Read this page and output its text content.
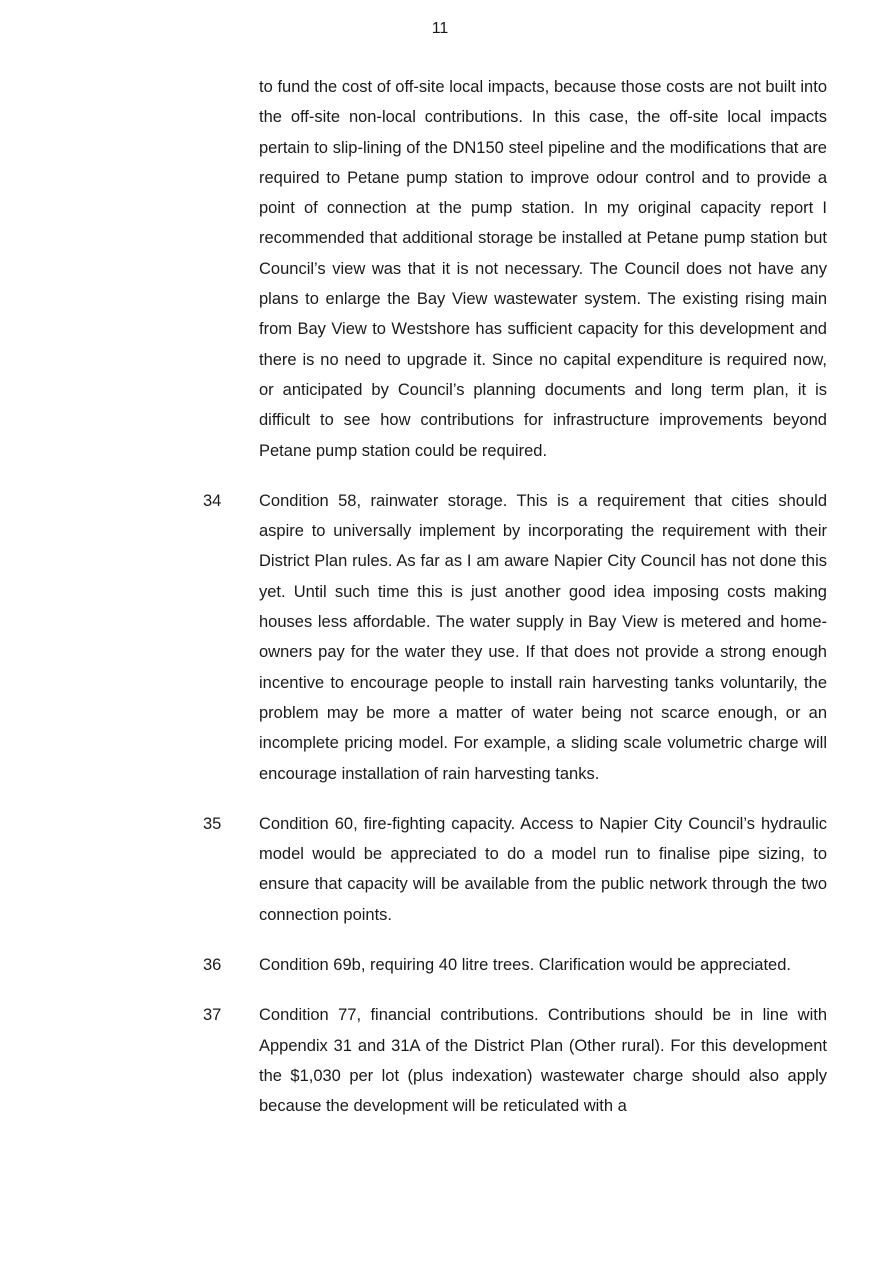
11
to fund the cost of off-site local impacts, because those costs are not built into the off-site non-local contributions. In this case, the off-site local impacts pertain to slip-lining of the DN150 steel pipeline and the modifications that are required to Petane pump station to improve odour control and to provide a point of connection at the pump station. In my original capacity report I recommended that additional storage be installed at Petane pump station but Council’s view was that it is not necessary. The Council does not have any plans to enlarge the Bay View wastewater system. The existing rising main from Bay View to Westshore has sufficient capacity for this development and there is no need to upgrade it. Since no capital expenditure is required now, or anticipated by Council’s planning documents and long term plan, it is difficult to see how contributions for infrastructure improvements beyond Petane pump station could be required.
34	Condition 58, rainwater storage. This is a requirement that cities should aspire to universally implement by incorporating the requirement with their District Plan rules. As far as I am aware Napier City Council has not done this yet. Until such time this is just another good idea imposing costs making houses less affordable. The water supply in Bay View is metered and home-owners pay for the water they use. If that does not provide a strong enough incentive to encourage people to install rain harvesting tanks voluntarily, the problem may be more a matter of water being not scarce enough, or an incomplete pricing model. For example, a sliding scale volumetric charge will encourage installation of rain harvesting tanks.
35	Condition 60, fire-fighting capacity. Access to Napier City Council’s hydraulic model would be appreciated to do a model run to finalise pipe sizing, to ensure that capacity will be available from the public network through the two connection points.
36	Condition 69b, requiring 40 litre trees. Clarification would be appreciated.
37	Condition 77, financial contributions. Contributions should be in line with Appendix 31 and 31A of the District Plan (Other rural). For this development the $1,030 per lot (plus indexation) wastewater charge should also apply because the development will be reticulated with a
